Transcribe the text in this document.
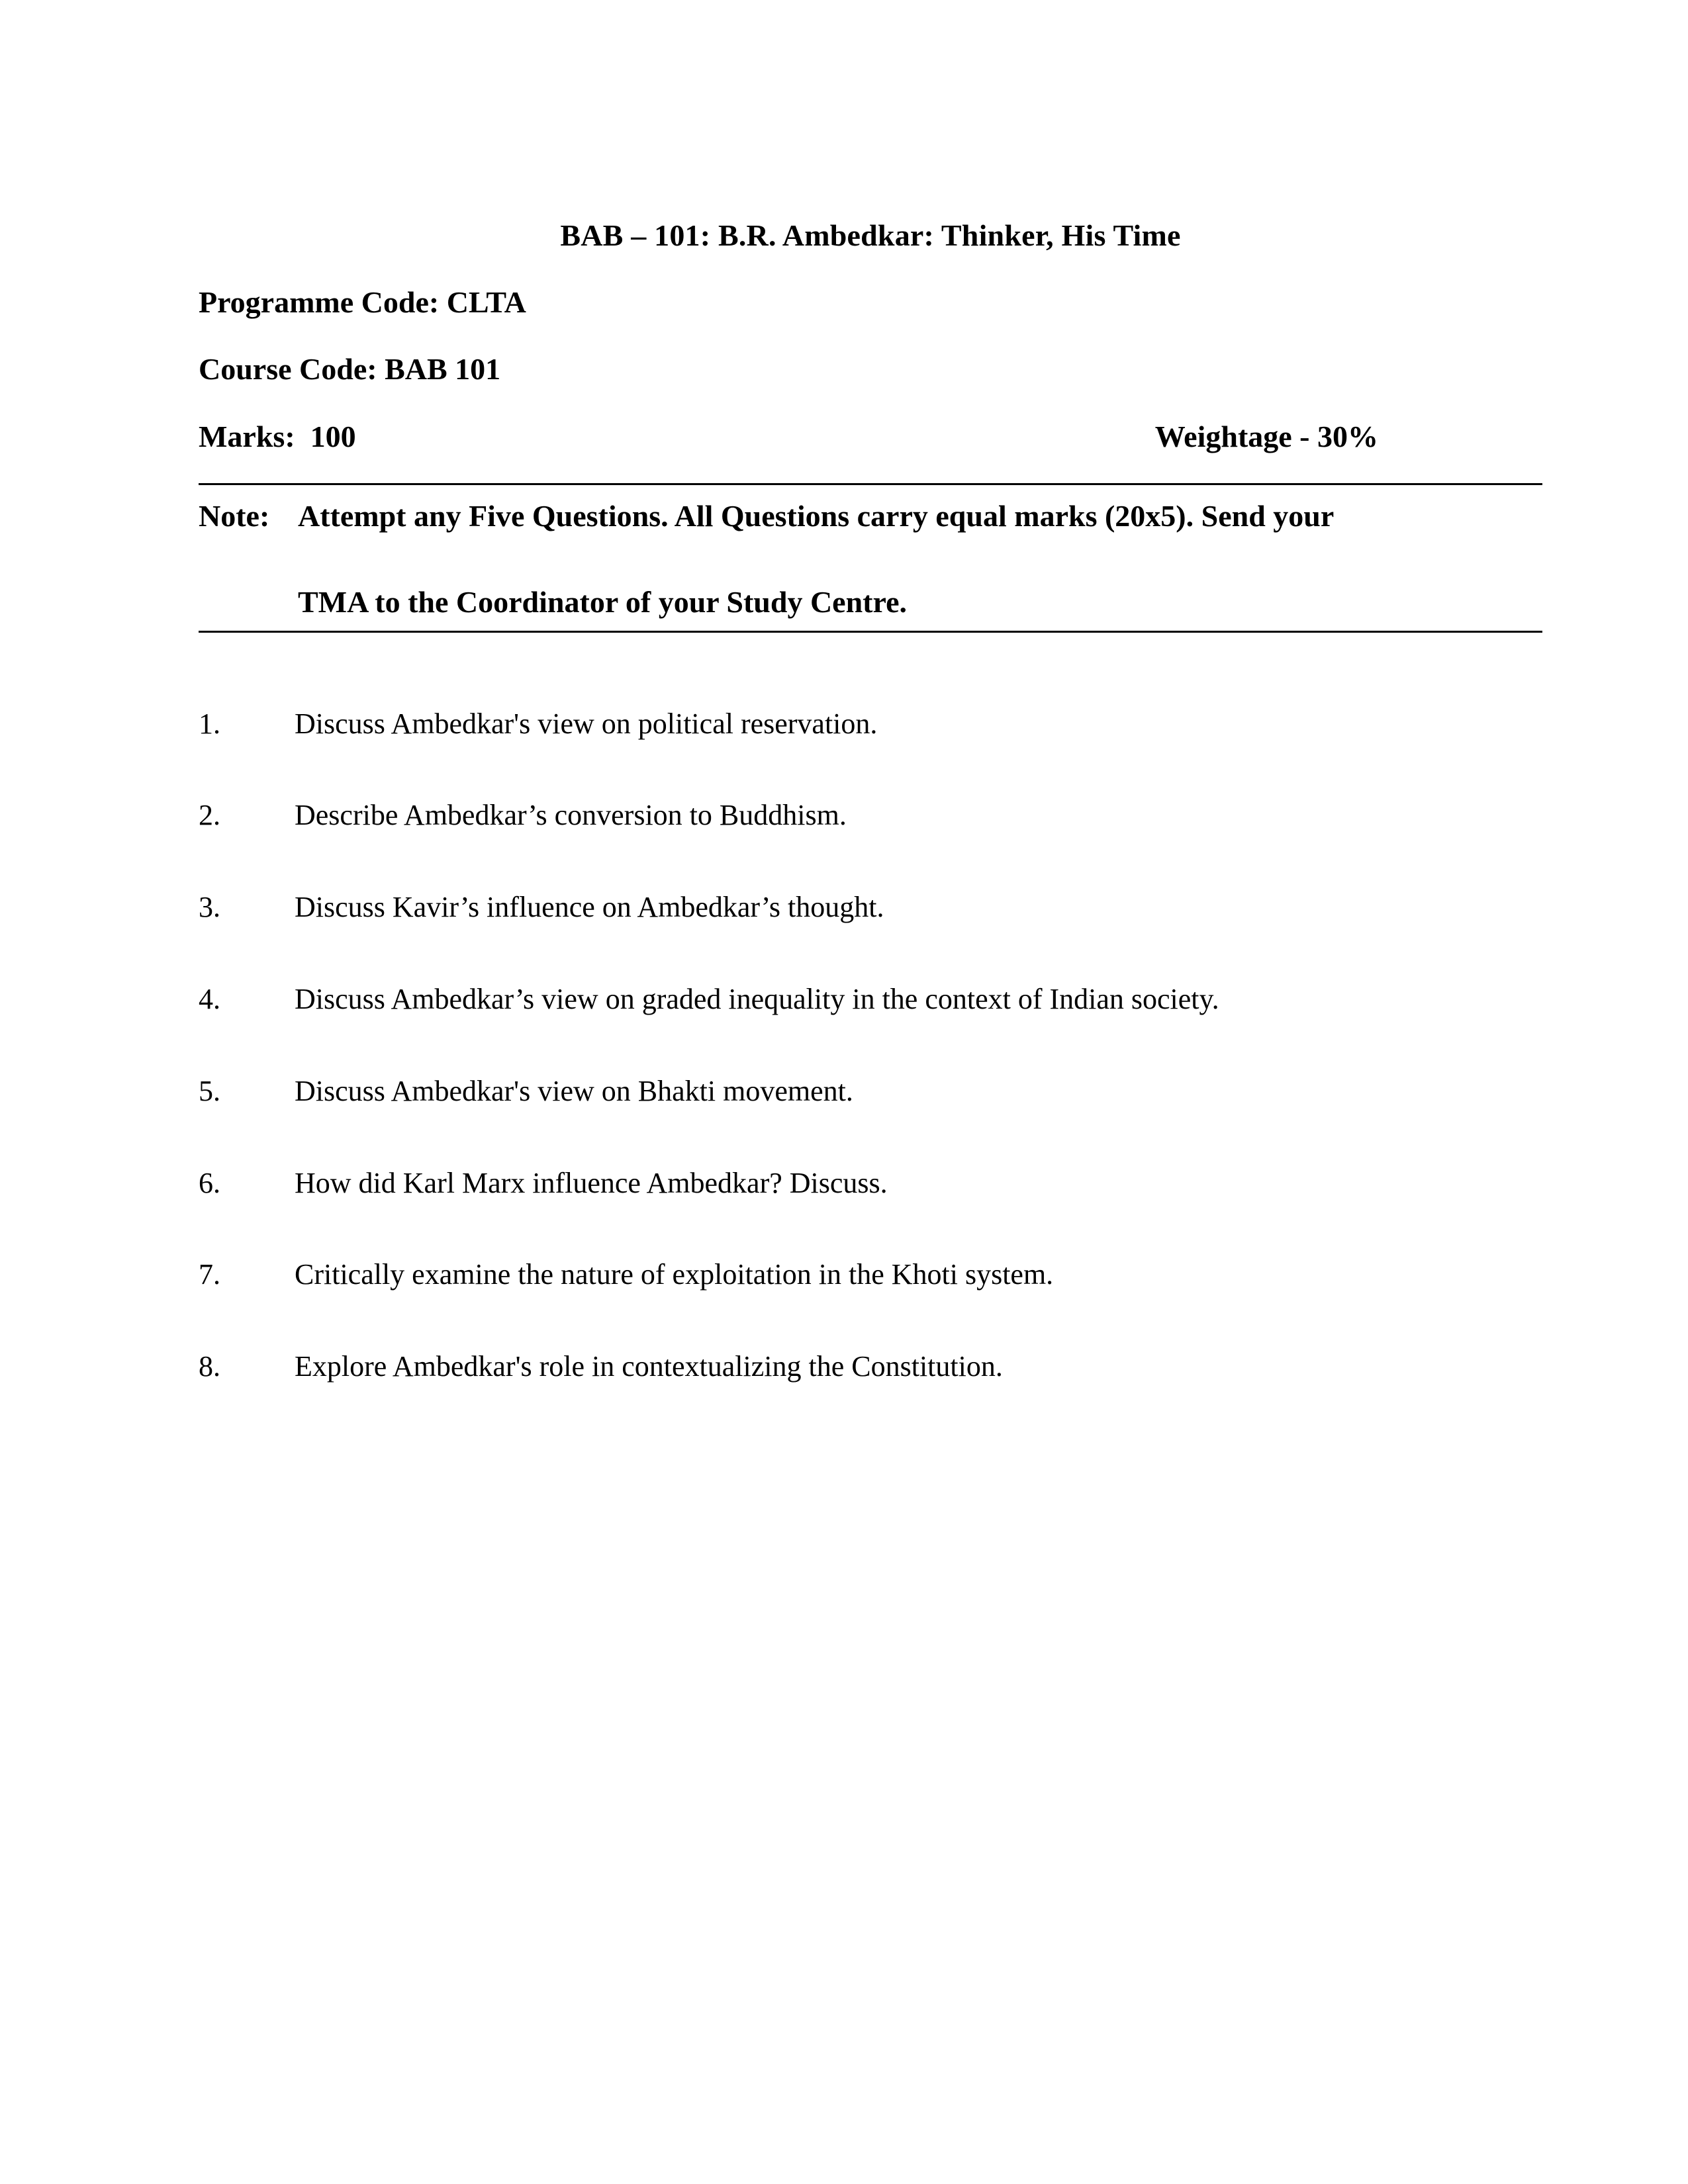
BAB – 101: B.R. Ambedkar: Thinker, His Time

Programme Code: CLTA

Course Code: BAB 101

Marks:  100	Weightage - 30%
Note: Attempt any Five Questions. All Questions carry equal marks (20x5). Send your
TMA to the Coordinator of your Study Centre.
1.	Discuss Ambedkar's view on political reservation.
2.	Describe Ambedkar’s conversion to Buddhism.
3.	Discuss Kavir’s influence on Ambedkar’s thought.
4.	Discuss Ambedkar’s view on graded inequality in the context of Indian society.
5.	Discuss Ambedkar's view on Bhakti movement.
6.	How did Karl Marx influence Ambedkar? Discuss.
7.	Critically examine the nature of exploitation in the Khoti system.
8.	Explore Ambedkar's role in contextualizing the Constitution.
